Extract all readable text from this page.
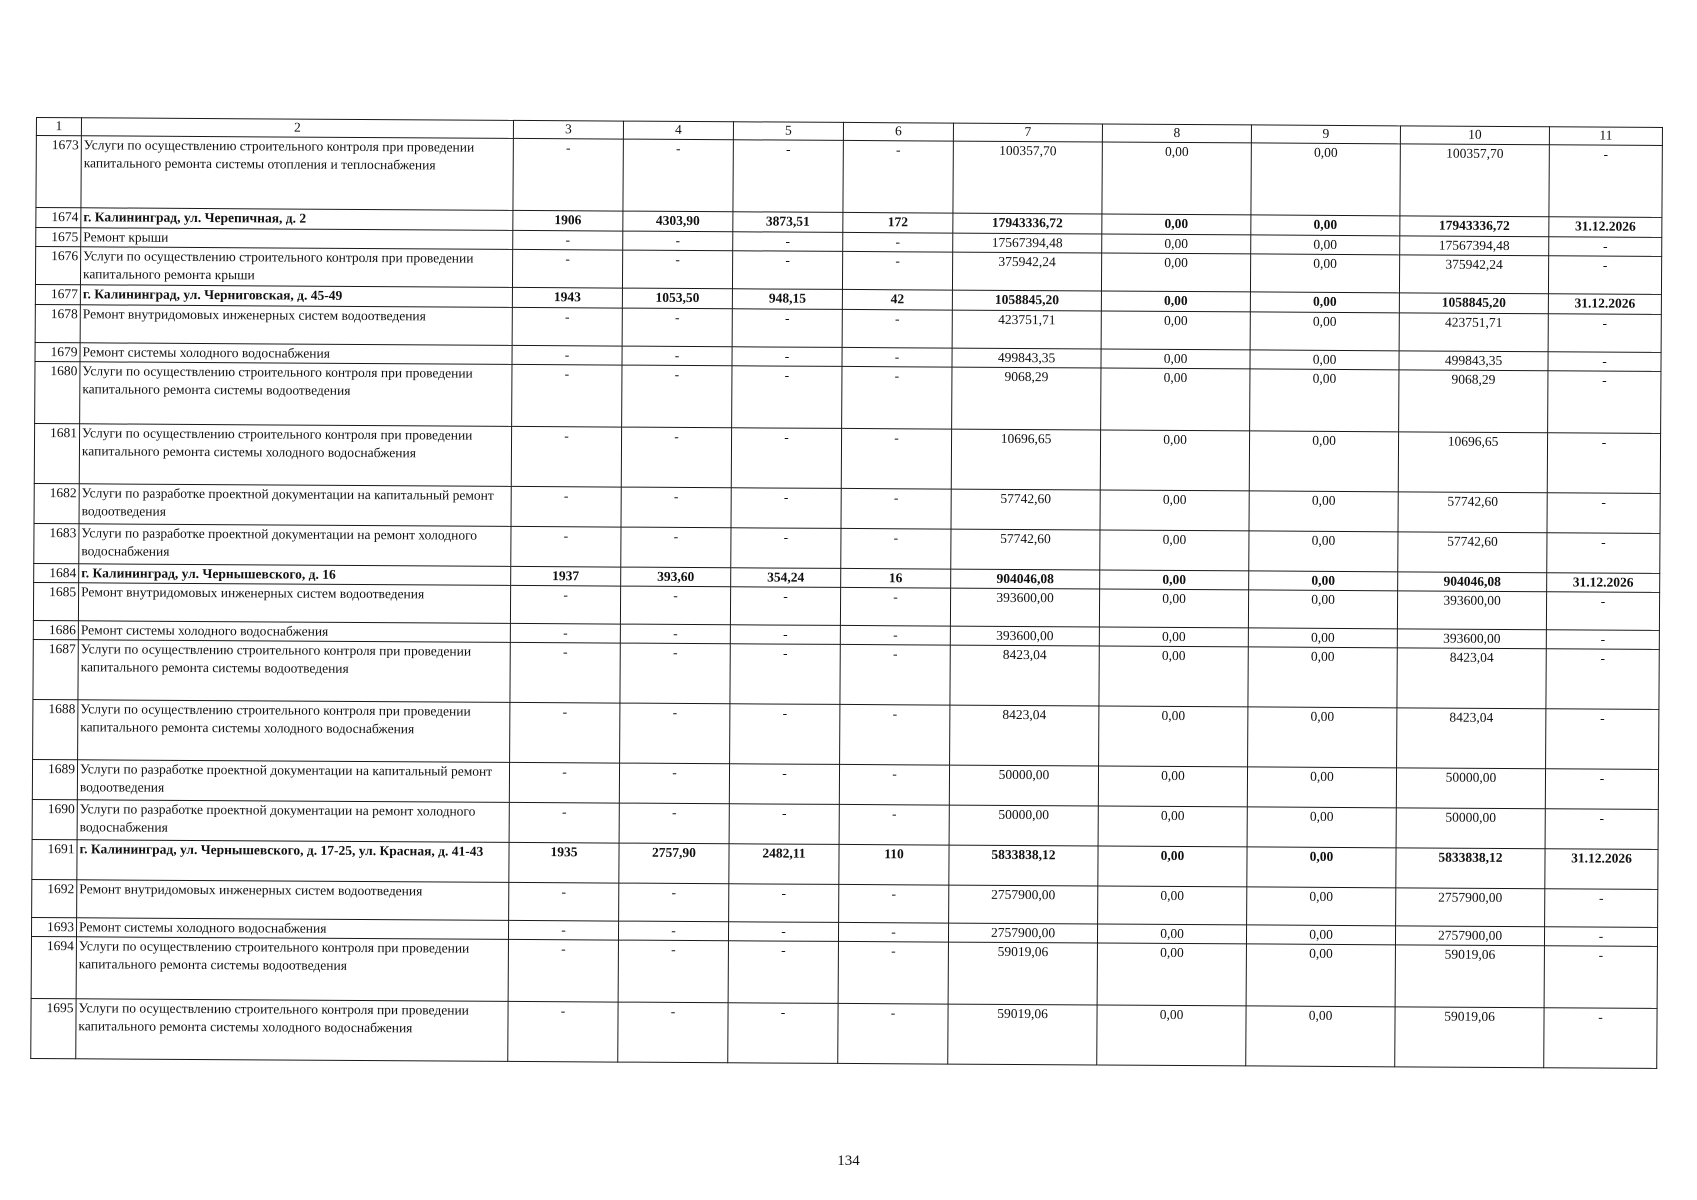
1	2	3	4	5	6	7	8	9	10	11
1673	Услуги по осуществлению строительного контроля при проведении капитального ремонта системы отопления и теплоснабжения	-	-	-	-	100357,70	0,00	0,00	100357,70	-
1674	г. Калининград, ул. Черепичная, д. 2	1906	4303,90	3873,51	172	17943336,72	0,00	0,00	17943336,72	31.12.2026
1675	Ремонт крыши	-	-	-	-	17567394,48	0,00	0,00	17567394,48	-
1676	Услуги по осуществлению строительного контроля при проведении капитального ремонта крыши	-	-	-	-	375942,24	0,00	0,00	375942,24	-
1677	г. Калининград, ул. Черниговская, д. 45-49	1943	1053,50	948,15	42	1058845,20	0,00	0,00	1058845,20	31.12.2026
1678	Ремонт внутридомовых инженерных систем водоотведения	-	-	-	-	423751,71	0,00	0,00	423751,71	-
1679	Ремонт системы холодного водоснабжения	-	-	-	-	499843,35	0,00	0,00	499843,35	-
1680	Услуги по осуществлению строительного контроля при проведении капитального ремонта системы водоотведения	-	-	-	-	9068,29	0,00	0,00	9068,29	-
1681	Услуги по осуществлению строительного контроля при проведении капитального ремонта системы холодного водоснабжения	-	-	-	-	10696,65	0,00	0,00	10696,65	-
1682	Услуги по разработке проектной документации на капитальный ремонт водоотведения	-	-	-	-	57742,60	0,00	0,00	57742,60	-
1683	Услуги по разработке проектной документации на ремонт холодного водоснабжения	-	-	-	-	57742,60	0,00	0,00	57742,60	-
1684	г. Калининград, ул. Чернышевского, д. 16	1937	393,60	354,24	16	904046,08	0,00	0,00	904046,08	31.12.2026
1685	Ремонт внутридомовых инженерных систем водоотведения	-	-	-	-	393600,00	0,00	0,00	393600,00	-
1686	Ремонт системы холодного водоснабжения	-	-	-	-	393600,00	0,00	0,00	393600,00	-
1687	Услуги по осуществлению строительного контроля при проведении капитального ремонта системы водоотведения	-	-	-	-	8423,04	0,00	0,00	8423,04	-
1688	Услуги по осуществлению строительного контроля при проведении капитального ремонта системы холодного водоснабжения	-	-	-	-	8423,04	0,00	0,00	8423,04	-
1689	Услуги по разработке проектной документации на капитальный ремонт водоотведения	-	-	-	-	50000,00	0,00	0,00	50000,00	-
1690	Услуги по разработке проектной документации на ремонт холодного водоснабжения	-	-	-	-	50000,00	0,00	0,00	50000,00	-
1691	г. Калининград, ул. Чернышевского, д. 17-25, ул. Красная, д. 41-43	1935	2757,90	2482,11	110	5833838,12	0,00	0,00	5833838,12	31.12.2026
1692	Ремонт внутридомовых инженерных систем водоотведения	-	-	-	-	2757900,00	0,00	0,00	2757900,00	-
1693	Ремонт системы холодного водоснабжения	-	-	-	-	2757900,00	0,00	0,00	2757900,00	-
1694	Услуги по осуществлению строительного контроля при проведении капитального ремонта системы водоотведения	-	-	-	-	59019,06	0,00	0,00	59019,06	-
1695	Услуги по осуществлению строительного контроля при проведении капитального ремонта системы холодного водоснабжения	-	-	-	-	59019,06	0,00	0,00	59019,06	-
134
